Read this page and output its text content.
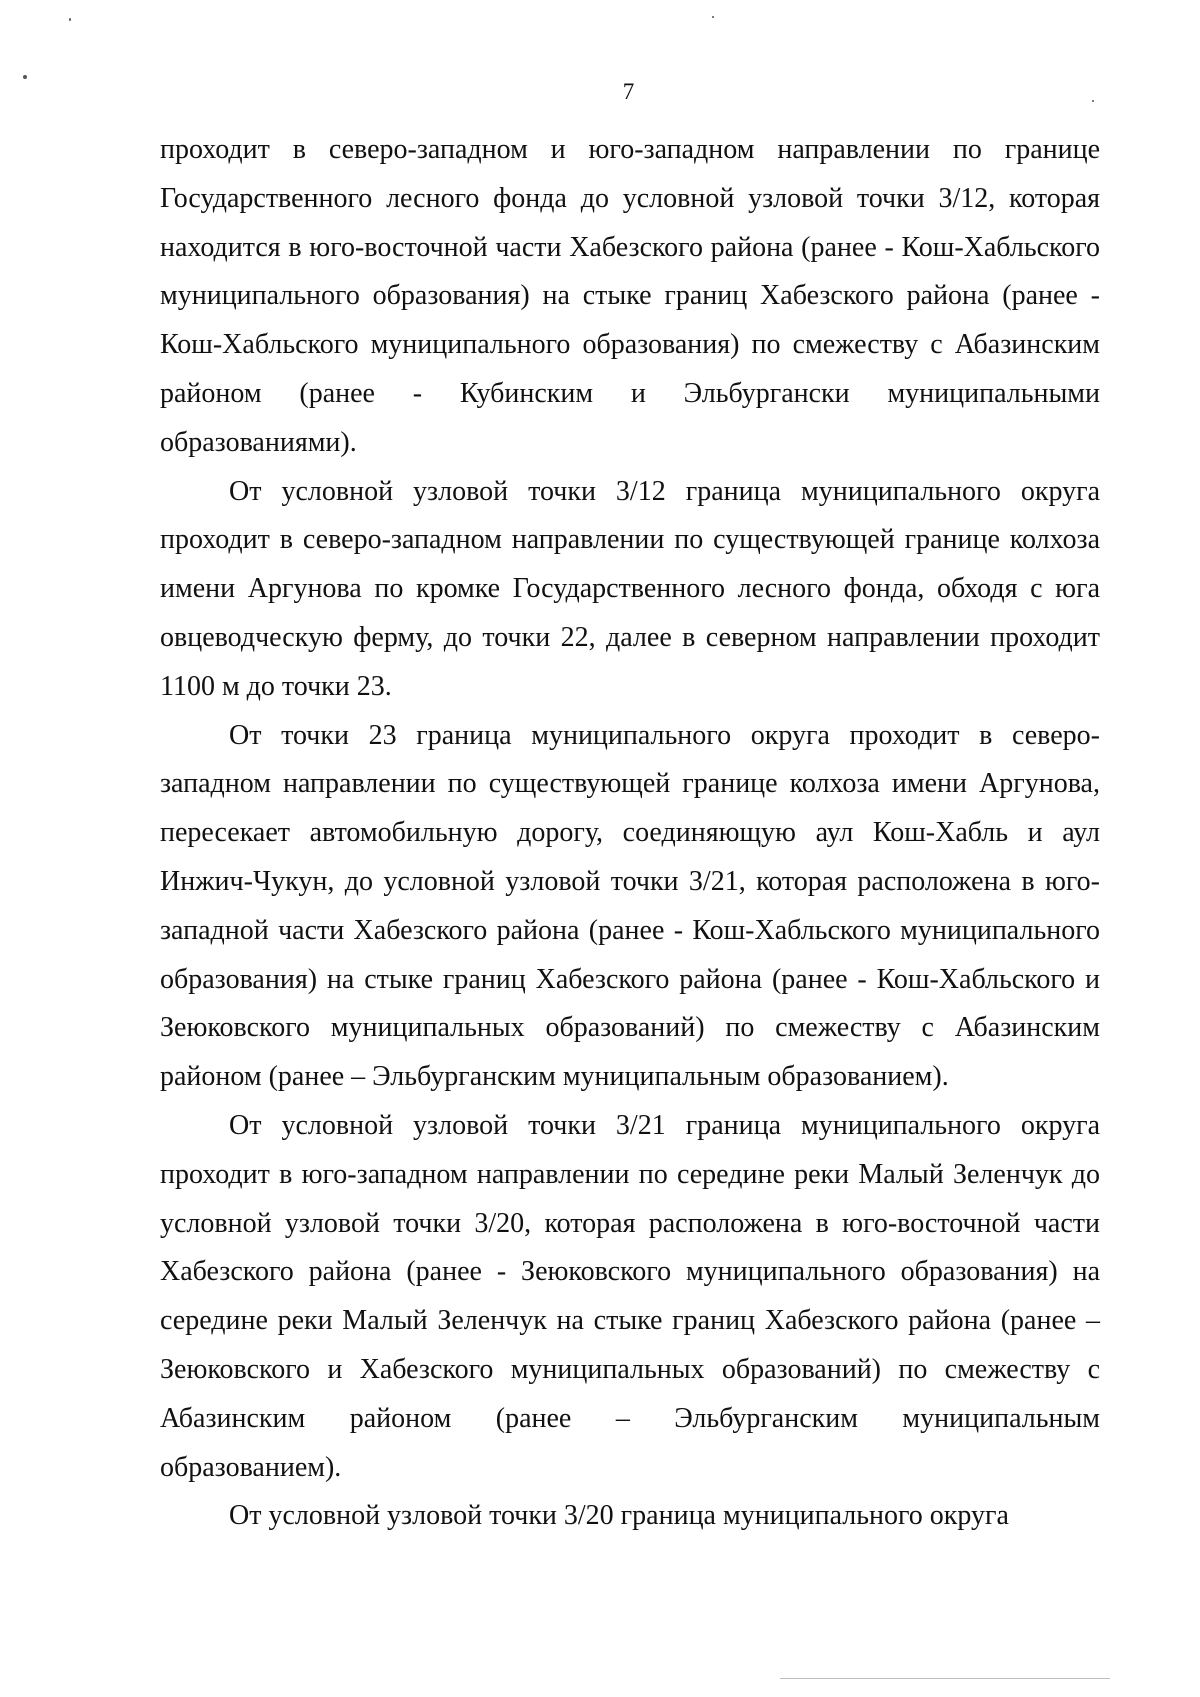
7

проходит в северо-западном и юго-западном направлении по границе Государственного лесного фонда до условной узловой точки 3/12, которая находится в юго-восточной части Хабезского района (ранее - Кош-Хабльского муниципального образования) на стыке границ Хабезского района (ранее - Кош-Хабльского муниципального образования) по смежеству с Абазинским районом (ранее - Кубинским и Эльбургански муниципальными образованиями).

От условной узловой точки 3/12 граница муниципального округа проходит в северо-западном направлении по существующей границе колхоза имени Аргунова по кромке Государственного лесного фонда, обходя с юга овцеводческую ферму, до точки 22, далее в северном направлении проходит 1100 м до точки 23.

От точки 23 граница муниципального округа проходит в северо-западном направлении по существующей границе колхоза имени Аргунова, пересекает автомобильную дорогу, соединяющую аул Кош-Хабль и аул Инжич-Чукун, до условной узловой точки 3/21, которая расположена в юго-западной части Хабезского района (ранее - Кош-Хабльского муниципального образования) на стыке границ Хабезского района (ранее - Кош-Хабльского и Зеюковского муниципальных образований) по смежеству с Абазинским районом (ранее – Эльбурганским муниципальным образованием).

От условной узловой точки 3/21 граница муниципального округа проходит в юго-западном направлении по середине реки Малый Зеленчук до условной узловой точки 3/20, которая расположена в юго-восточной части Хабезского района (ранее - Зеюковского муниципального образования) на середине реки Малый Зеленчук на стыке границ Хабезского района (ранее – Зеюковского и Хабезского муниципальных образований) по смежеству с Абазинским районом (ранее – Эльбурганским муниципальным образованием).

От условной узловой точки 3/20 граница муниципального округа
